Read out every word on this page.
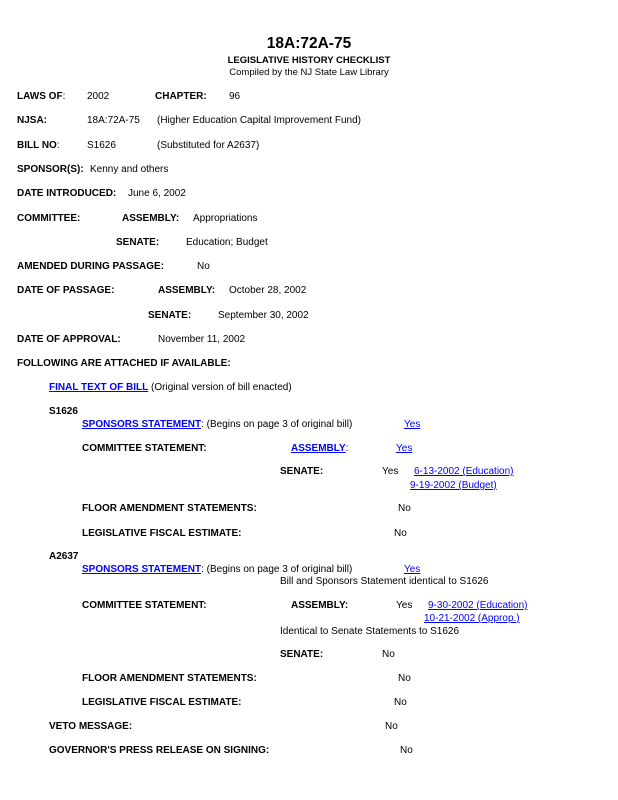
18A:72A-75
LEGISLATIVE HISTORY CHECKLIST
Compiled by the NJ State Law Library
LAWS OF: 2002	CHAPTER: 96
NJSA:	18A:72A-75 (Higher Education Capital Improvement Fund)
BILL NO:	S1626	(Substituted for A2637)
SPONSOR(S): Kenny and others
DATE INTRODUCED: June 6, 2002
COMMITTEE:	ASSEMBLY: Appropriations
SENATE:	Education; Budget
AMENDED DURING PASSAGE:	No
DATE OF PASSAGE:	ASSEMBLY: October 28, 2002
SENATE:	September 30, 2002
DATE OF APPROVAL:	November 11, 2002
FOLLOWING ARE ATTACHED IF AVAILABLE:
FINAL TEXT OF BILL (Original version of bill enacted)
S1626
SPONSORS STATEMENT: (Begins on page 3 of original bill)	Yes
COMMITTEE STATEMENT:	ASSEMBLY:	Yes
SENATE:	Yes 6-13-2002 (Education)
9-19-2002 (Budget)
FLOOR AMENDMENT STATEMENTS:	No
LEGISLATIVE FISCAL ESTIMATE:	No
A2637
SPONSORS STATEMENT: (Begins on page 3 of original bill)	Yes
Bill and Sponsors Statement identical to S1626
COMMITTEE STATEMENT:	ASSEMBLY:	Yes 9-30-2002 (Education)
10-21-2002 (Approp.)
Identical to Senate Statements to S1626
SENATE:	No
FLOOR AMENDMENT STATEMENTS:	No
LEGISLATIVE FISCAL ESTIMATE:	No
VETO MESSAGE:	No
GOVERNOR'S PRESS RELEASE ON SIGNING:	No
